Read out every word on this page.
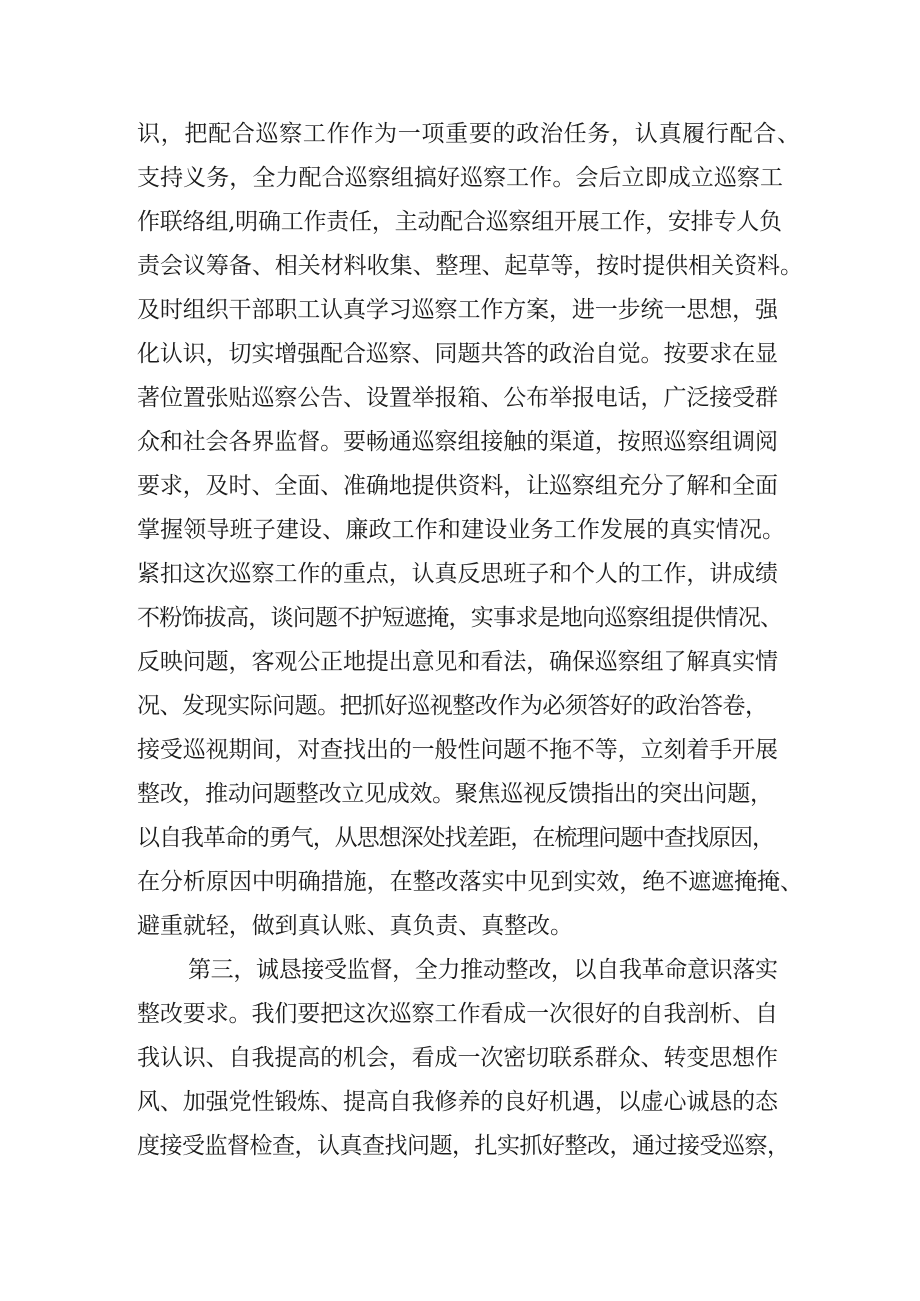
识，把配合巡察工作作为一项重要的政治任务，认真履行配合、
支持义务，全力配合巡察组搞好巡察工作。会后立即成立巡察工
作联络组,明确工作责任，主动配合巡察组开展工作，安排专人负
责会议筹备、相关材料收集、整理、起草等，按时提供相关资料。
及时组织干部职工认真学习巡察工作方案，进一步统一思想，强
化认识，切实增强配合巡察、同题共答的政治自觉。按要求在显
著位置张贴巡察公告、设置举报箱、公布举报电话，广泛接受群
众和社会各界监督。要畅通巡察组接触的渠道，按照巡察组调阅
要求，及时、全面、准确地提供资料，让巡察组充分了解和全面
掌握领导班子建设、廉政工作和建设业务工作发展的真实情况。
紧扣这次巡察工作的重点，认真反思班子和个人的工作，讲成绩
不粉饰拔高，谈问题不护短遮掩，实事求是地向巡察组提供情况、
反映问题，客观公正地提出意见和看法，确保巡察组了解真实情
况、发现实际问题。把抓好巡视整改作为必须答好的政治答卷，
接受巡视期间，对查找出的一般性问题不拖不等，立刻着手开展
整改，推动问题整改立见成效。聚焦巡视反馈指出的突出问题，
以自我革命的勇气，从思想深处找差距，在梳理问题中查找原因，
在分析原因中明确措施，在整改落实中见到实效，绝不遮遮掩掩、
避重就轻，做到真认账、真负责、真整改。
第三，诚恳接受监督，全力推动整改，以自我革命意识落实
整改要求。我们要把这次巡察工作看成一次很好的自我剖析、自
我认识、自我提高的机会，看成一次密切联系群众、转变思想作
风、加强党性锻炼、提高自我修养的良好机遇，以虚心诚恳的态
度接受监督检查，认真查找问题，扎实抓好整改，通过接受巡察，
